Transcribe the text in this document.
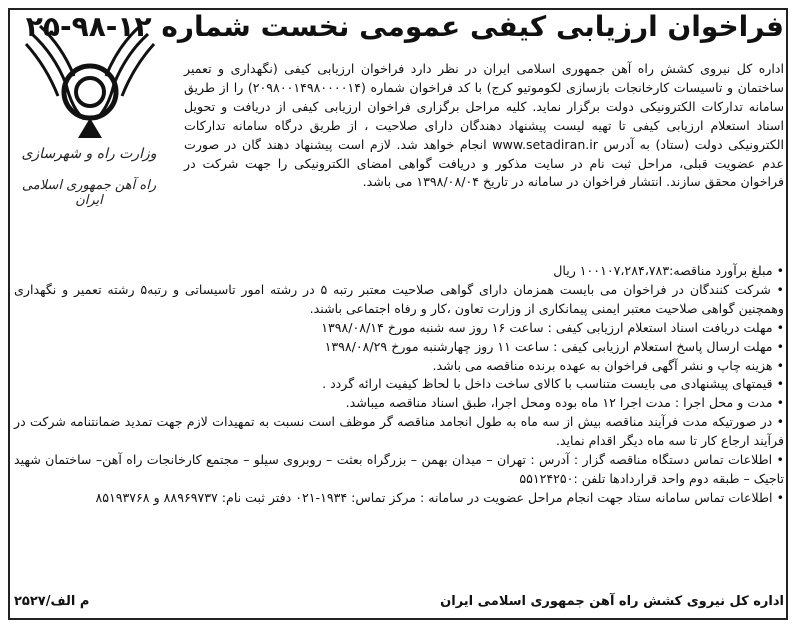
وزارت راه و شهرسازی
راه آهن جمهوری اسلامی ایران
فراخوان ارزیابی کیفی عمومی نخست شماره ۱۲-۹۸-۲۵

اداره کل نیروی کشش راه آهن جمهوری اسلامی ایران در نظر دارد فراخوان ارزیابی کیفی (نگهداری و تعمیر ساختمان و تاسیسات کارخانجات بازسازی لکوموتیو کرج) با کد فراخوان شماره (۲۰۹۸۰۰۱۴۹۸۰۰۰۰۱۴) را از طریق سامانه تدارکات الکترونیکی دولت برگزار نماید. کلیه مراحل برگزاری فراخوان ارزیابی کیفی از دریافت و تحویل اسناد استعلام ارزیابی کیفی تا تهیه لیست پیشنهاد دهندگان دارای صلاحیت ، از طریق درگاه سامانه تدارکات الکترونیکی دولت (ستاد) به آدرس www.setadiran.ir انجام خواهد شد. لازم است پیشنهاد دهند گان در صورت عدم عضویت قبلی، مراحل ثبت نام در سایت مذکور و دریافت گواهی امضای الکترونیکی را جهت شرکت در فراخوان محقق سازند. انتشار فراخوان در سامانه در تاریخ ۱۳۹۸/۰۸/۰۴ می باشد.

• مبلغ برآورد مناقصه:۱۰۰۱۰۷،۲۸۴،۷۸۳ ریال

• شرکت کنندگان در فراخوان می بایست همزمان دارای گواهی صلاحیت معتبر رتبه ۵ در رشته امور تاسیساتی و رتبه۵ رشته تعمیر و نگهداری وهمچنین گواهی صلاحیت معتبر ایمنی پیمانکاری از وزارت تعاون ،کار و رفاه اجتماعی باشند.

• مهلت دریافت اسناد استعلام ارزیابی کیفی : ساعت ۱۶ روز سه شنبه مورخ ۱۳۹۸/۰۸/۱۴

• مهلت ارسال پاسخ استعلام ارزیابی کیفی : ساعت ۱۱ روز چهارشنبه مورخ ۱۳۹۸/۰۸/۲۹

• هزینه چاپ و نشر آگهی فراخوان به عهده برنده مناقصه می باشد.

• قیمتهای پیشنهادی می بایست متناسب با کالای ساخت داخل با لحاظ کیفیت ارائه گردد .

• مدت و محل اجرا : مدت اجرا ۱۲ ماه بوده ومحل اجرا، طبق اسناد مناقصه میباشد.

• در صورتیکه مدت فرآیند مناقصه بیش از سه ماه به طول انجامد مناقصه گر موظف است نسبت به تمهیدات لازم جهت تمدید ضمانتنامه شرکت در فرآیند ارجاع کار تا سه ماه دیگر اقدام نماید.

• اطلاعات تماس دستگاه مناقصه گزار : آدرس : تهران – میدان بهمن – بزرگراه بعثت – روبروی سیلو – مجتمع کارخانجات راه آهن– ساختمان شهید تاجیک – طبقه دوم واحد قراردادها تلفن :۵۵۱۲۴۲۵۰

• اطلاعات تماس سامانه ستاد جهت انجام مراحل عضویت در سامانه : مرکز تماس: ۱۹۳۴-۰۲۱ دفتر ثبت نام: ۸۸۹۶۹۷۳۷ و ۸۵۱۹۳۷۶۸

اداره کل نیروی کشش راه آهن جمهوری اسلامی ایران
م الف/۲۵۲۷
